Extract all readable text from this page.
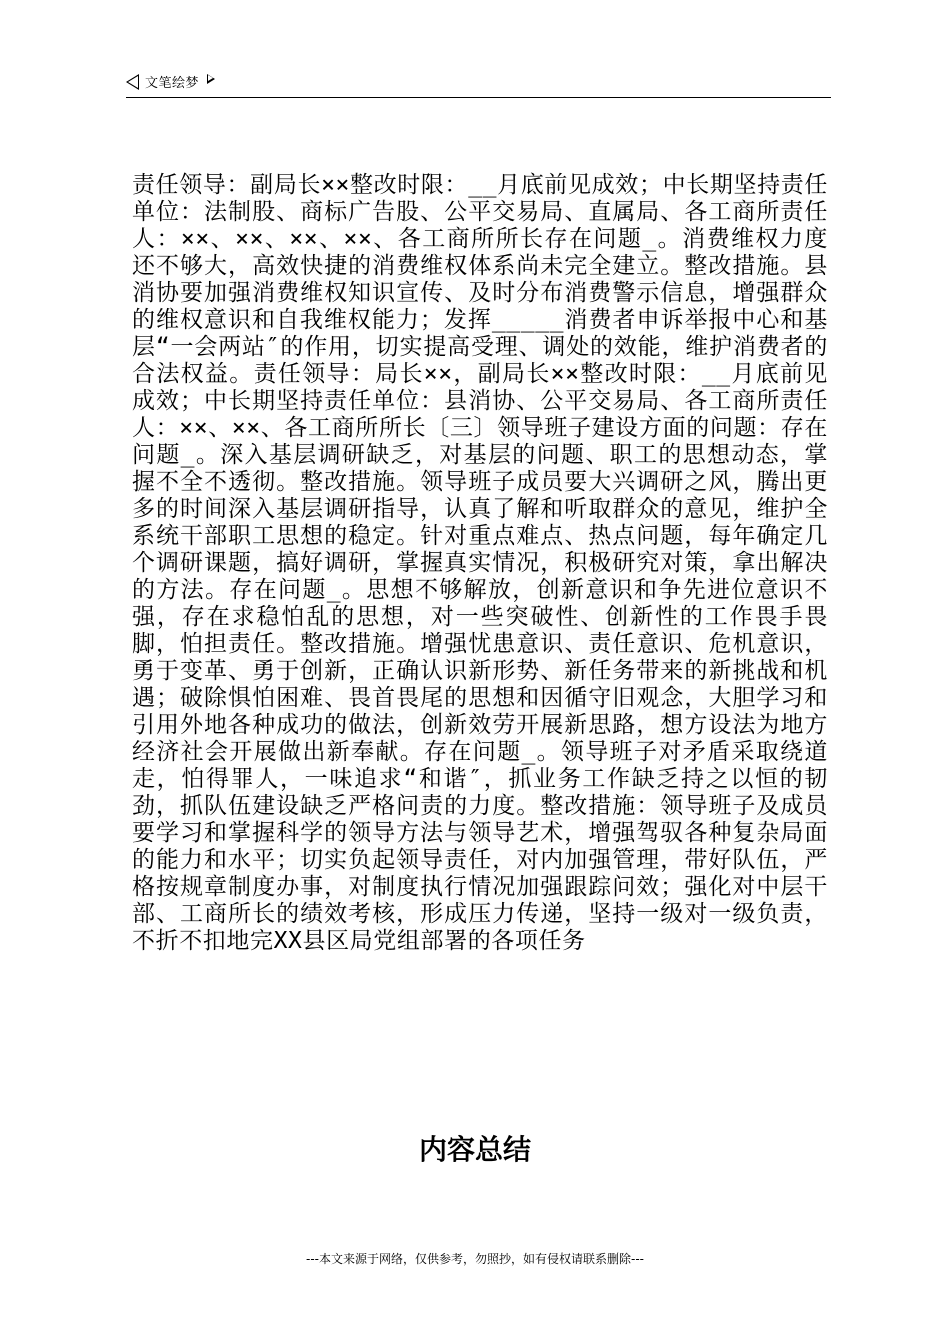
文笔绘梦

责任领导：副局长××整改时限：__月底前见成效；中长期坚持责任单位：法制股、商标广告股、公平交易局、直属局、各工商所责任人：××、××、××、××、各工商所所长存在问题_。消费维权力度还不够大，高效快捷的消费维权体系尚未完全建立。整改措施。县消协要加强消费维权知识宣传、及时分布消费警示信息，增强群众的维权意识和自我维权能力；发挥_____消费者申诉举报中心和基层“一会两站″的作用，切实提高受理、调处的效能，维护消费者的合法权益。责任领导：局长××，副局长××整改时限：__月底前见成效；中长期坚持责任单位：县消协、公平交易局、各工商所责任人：××、××、各工商所所长〔三〕领导班子建设方面的问题：存在问题_。深入基层调研缺乏，对基层的问题、职工的思想动态，掌握不全不透彻。整改措施。领导班子成员要大兴调研之风，腾出更多的时间深入基层调研指导，认真了解和听取群众的意见，维护全系统干部职工思想的稳定。针对重点难点、热点问题，每年确定几个调研课题，搞好调研，掌握真实情况，积极研究对策，拿出解决的方法。存在问题_。思想不够解放，创新意识和争先进位意识不强，存在求稳怕乱的思想，对一些突破性、创新性的工作畏手畏脚，怕担责任。整改措施。增强忧患意识、责任意识、危机意识，勇于变革、勇于创新，正确认识新形势、新任务带来的新挑战和机遇；破除惧怕困难、畏首畏尾的思想和因循守旧观念，大胆学习和引用外地各种成功的做法，创新效劳开展新思路，想方设法为地方经济社会开展做出新奉献。存在问题_。领导班子对矛盾采取绕道走，怕得罪人，一味追求“和谐″，抓业务工作缺乏持之以恒的韧劲，抓队伍建设缺乏严格问责的力度。整改措施：领导班子及成员要学习和掌握科学的领导方法与领导艺术，增强驾驭各种复杂局面的能力和水平；切实负起领导责任，对内加强管理，带好队伍，严格按规章制度办事，对制度执行情况加强跟踪问效；强化对中层干部、工商所长的绩效考核，形成压力传递，坚持一级对一级负责，不折不扣地完XX县区局党组部署的各项任务

内容总结

---本文来源于网络，仅供参考，勿照抄，如有侵权请联系删除---
